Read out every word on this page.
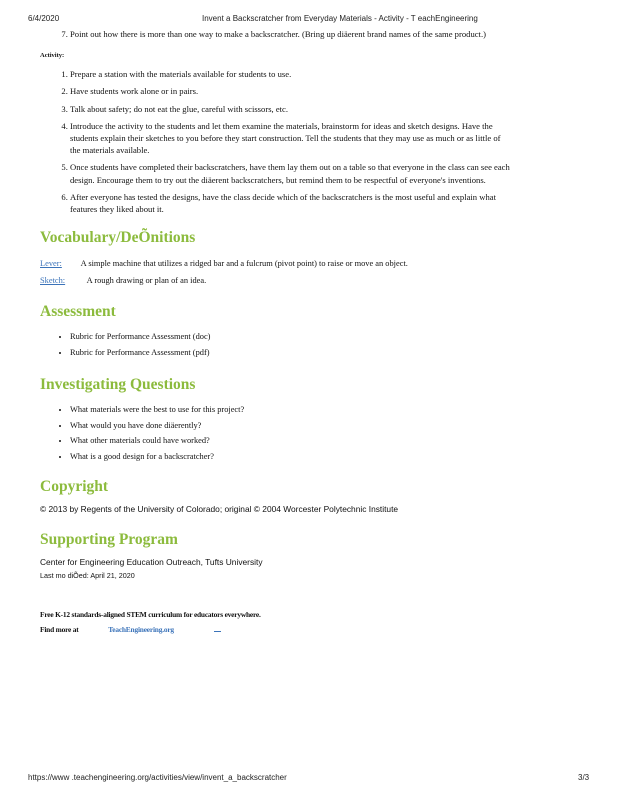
6/4/2020	Invent a Backscratcher from Everyday Materials - Activity - T eachEngineering
7. Point out how there is more than one way to make a backscratcher. (Bring up diäerent brand names of the same product.)
Activity:
1. Prepare a station with the materials available for students to use.
2. Have students work alone or in pairs.
3. Talk about safety; do not eat the glue, careful with scissors, etc.
4. Introduce the activity to the students and let them examine the materials, brainstorm for ideas and sketch designs. Have the students explain their sketches to you before they start construction. Tell the students that they may use as much or as little of the materials available.
5. Once students have completed their backscratchers, have them lay them out on a table so that everyone in the class can see each design. Encourage them to try out the diäerent backscratchers, but remind them to be respectful of everyone's inventions.
6. After everyone has tested the designs, have the class decide which of the backscratchers is the most useful and explain what features they liked about it.
Vocabulary/DeÕnitions
Lever: A simple machine that utilizes a ridged bar and a fulcrum (pivot point) to raise or move an object.
Sketch:	A rough drawing or plan of an idea.
Assessment
• Rubric for Performance Assessment (doc)
• Rubric for Performance Assessment (pdf)
Investigating Questions
• What materials were the best to use for this project?
• What would you have done diäerently?
• What other materials could have worked?
• What is a good design for a backscratcher?
Copyright
© 2013 by Regents of the University of Colorado; original © 2004 Worcester Polytechnic Institute
Supporting Program
Center for Engineering Education Outreach, Tufts University
Last mo diÕed: April 21, 2020
Free K-12 standards-aligned STEM curriculum for educators everywhere.
Find more at	TeachEngineering.org
https://www .teachengineering.org/activities/view/invent_a_backscratcher	3/3
